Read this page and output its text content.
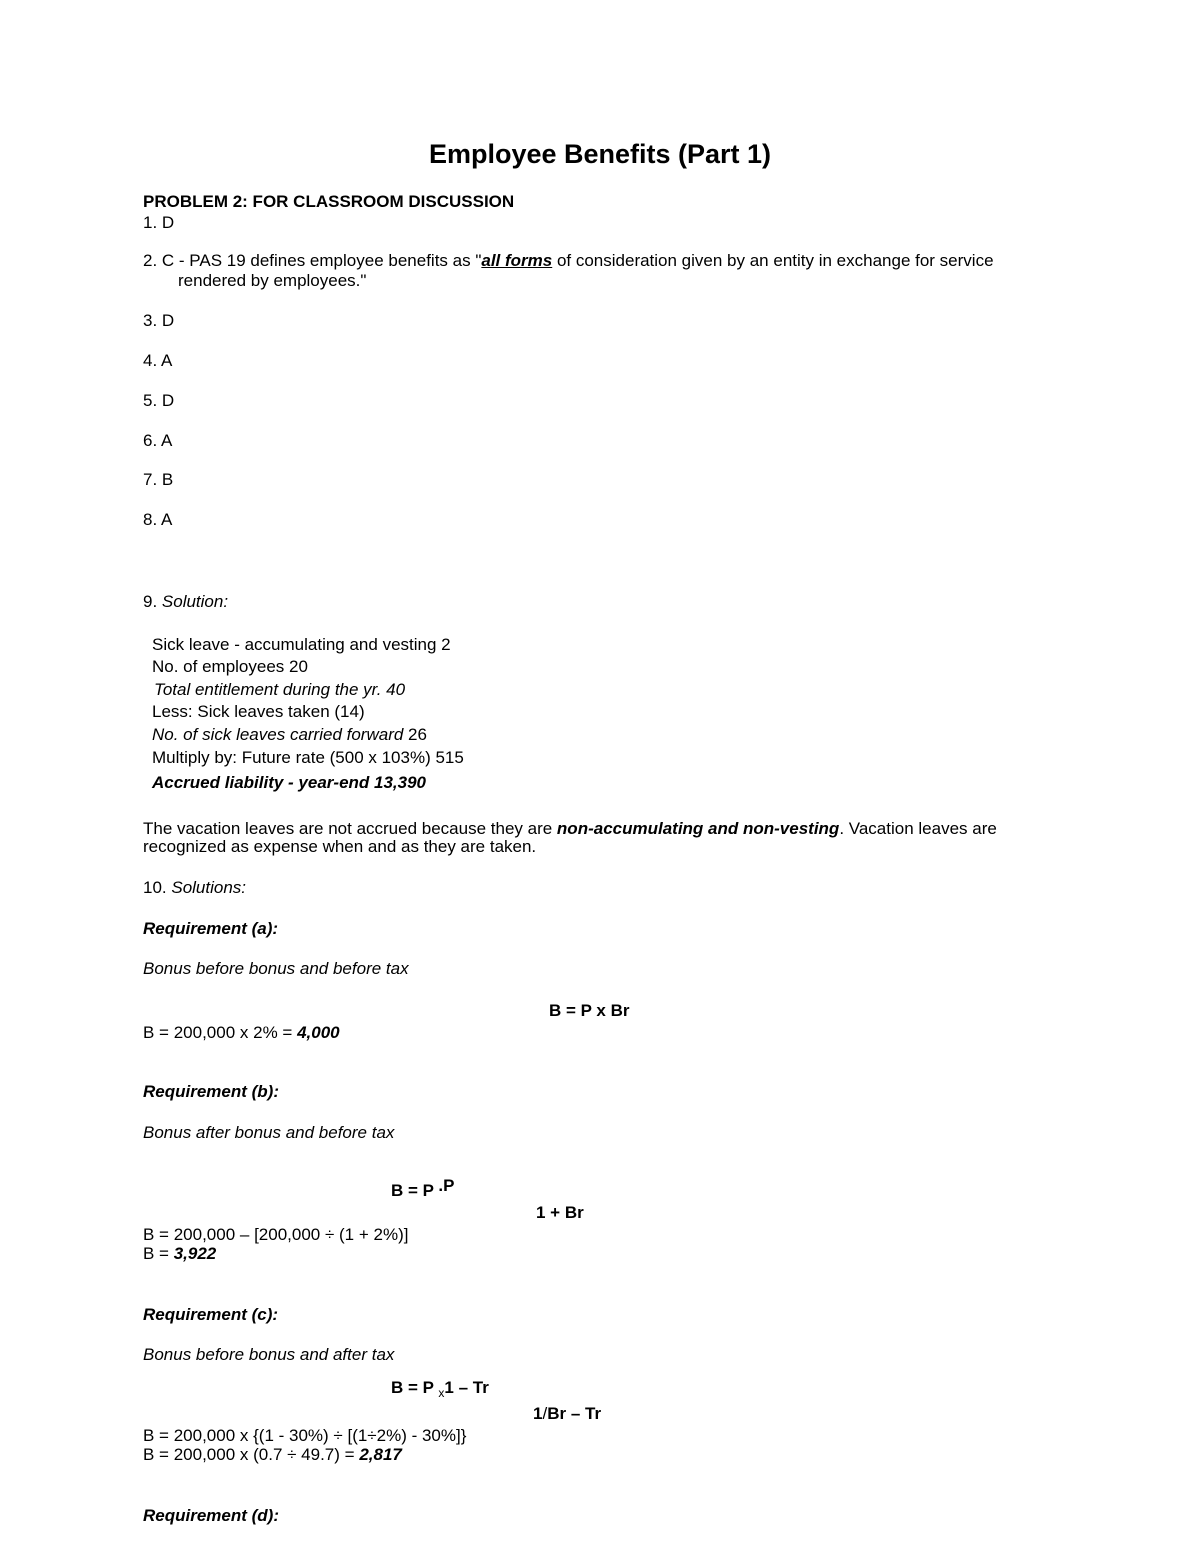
Employee Benefits (Part 1)
PROBLEM 2: FOR CLASSROOM DISCUSSION
1. D
2. C - PAS 19 defines employee benefits as "all forms of consideration given by an entity in exchange for service
rendered by employees."
3. D
4. A
5. D
6. A
7. B
8. A
9. Solution:
Sick leave - accumulating and vesting 2
No. of employees 20
Total entitlement during the yr. 40
Less: Sick leaves taken (14)
No. of sick leaves carried forward 26
Multiply by: Future rate (500 x 103%) 515
Accrued liability - year-end 13,390
The vacation leaves are not accrued because they are non-accumulating and non-vesting. Vacation leaves are
recognized as expense when and as they are taken.
10. Solutions:
Requirement (a):
Bonus before bonus and before tax
B = P x Br
B = 200,000 x 2% = 4,000
Requirement (b):
Bonus after bonus and before tax
B = P .P
1 + Br
B = 200,000 – [200,000 ÷ (1 + 2%)]
B = 3,922
Requirement (c):
Bonus before bonus and after tax
B = P $_x$1 – Tr
1/Br – Tr
B = 200,000 x {(1 - 30%) ÷ [(1÷2%) - 30%]}
B = 200,000 x (0.7 ÷ 49.7) = 2,817
Requirement (d):
